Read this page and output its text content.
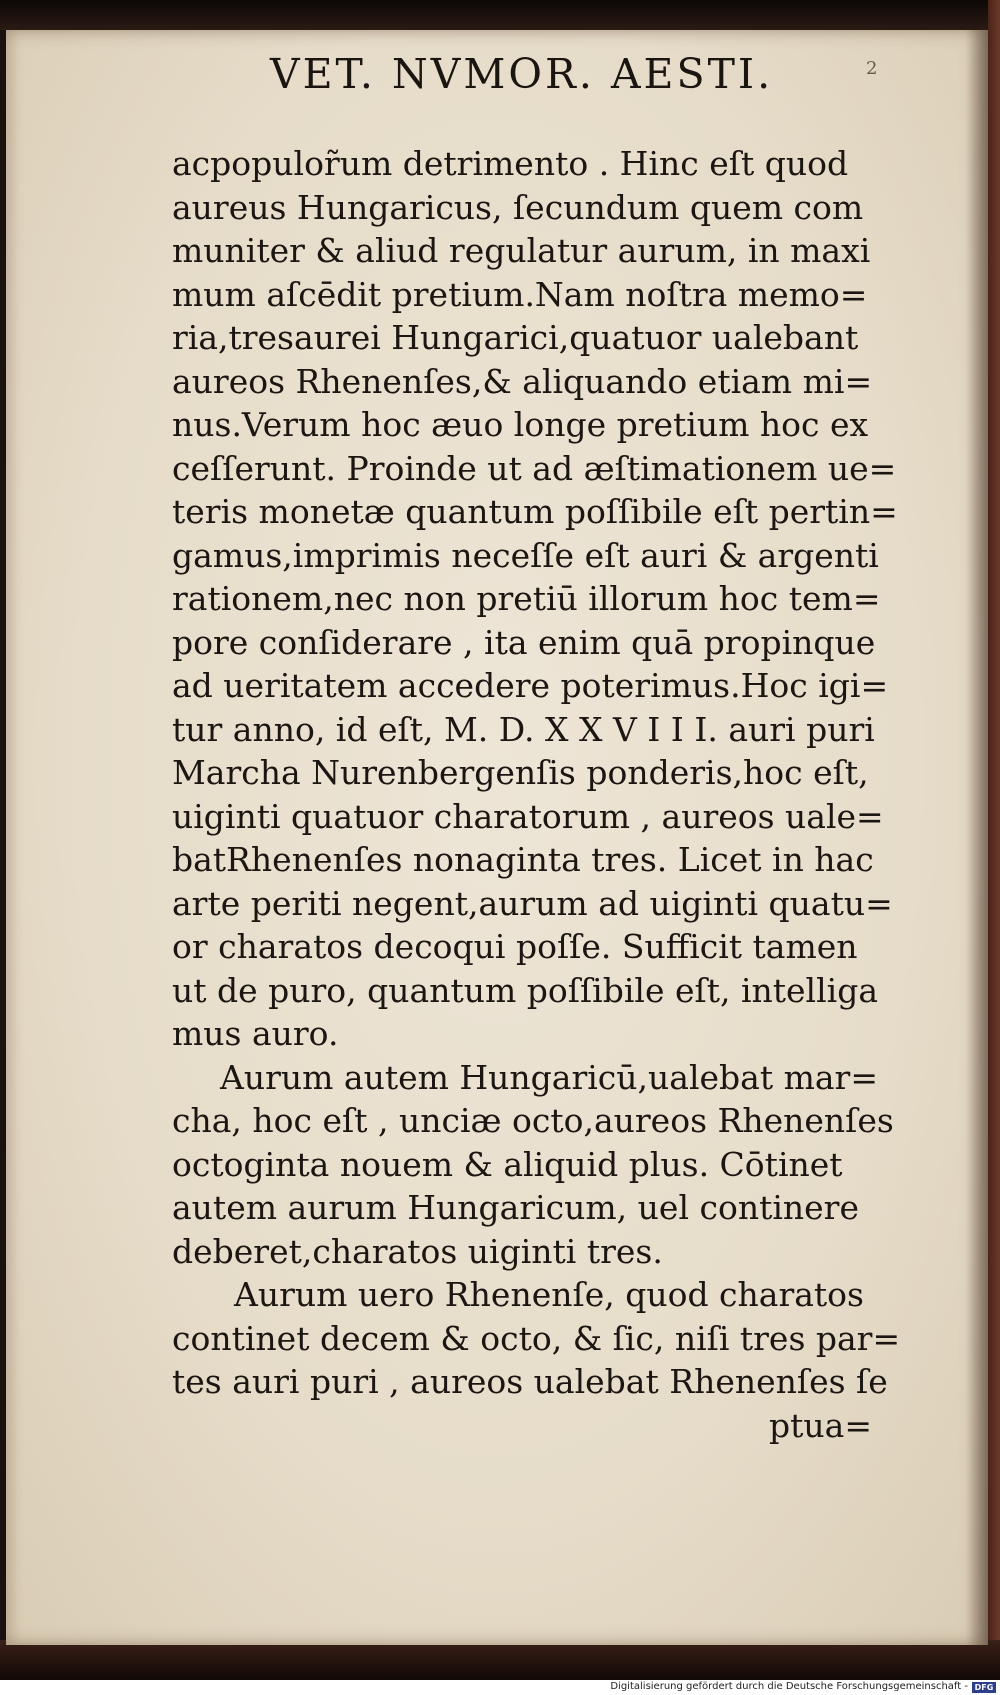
VET. NVMOR. AESTI.	2
acpopulor̃um detrimento . Hinc eſt quod
aureus Hungaricus, ſecundum quem com
muniter & aliud regulatur aurum, in maxi
mum aſcēdit pretium.Nam noſtra memo=
ria,tresaurei Hungarici,quatuor ualebant
aureos Rhenenſes,& aliquando etiam mi=
nus.Verum hoc æuo longe pretium hoc ex
ceſſerunt. Proinde ut ad æſtimationem ue=
teris monetæ quantum poſſibile eſt pertin=
gamus,imprimis neceſſe eſt auri & argenti
rationem,nec non pretiū illorum hoc tem=
pore conſiderare , ita enim quā propinque
ad ueritatem accedere poterimus.Hoc igi=
tur anno, id eſt, M. D. X X V I I I. auri puri
Marcha Nurenbergenſis ponderis,hoc eſt,
uiginti quatuor charatorum , aureos uale=
batRhenenſes nonaginta tres. Licet in hac
arte periti negent,aurum ad uiginti quatu=
or charatos decoqui poſſe. Sufficit tamen
ut de puro, quantum poſſibile eſt, intelliga
mus auro.
Aurum autem Hungaricū,ualebat mar=
cha, hoc eſt , unciæ octo,aureos Rhenenſes
octoginta nouem & aliquid plus. Cōtinet
autem aurum Hungaricum, uel continere
deberet,charatos uiginti tres.
Aurum uero Rhenenſe, quod charatos
continet decem & octo, & ſic, niſi tres par=
tes auri puri , aureos ualebat Rhenenſes ſe
ptua=
Digitalisierung gefördert durch die Deutsche Forschungsgemeinschaft - DFG
